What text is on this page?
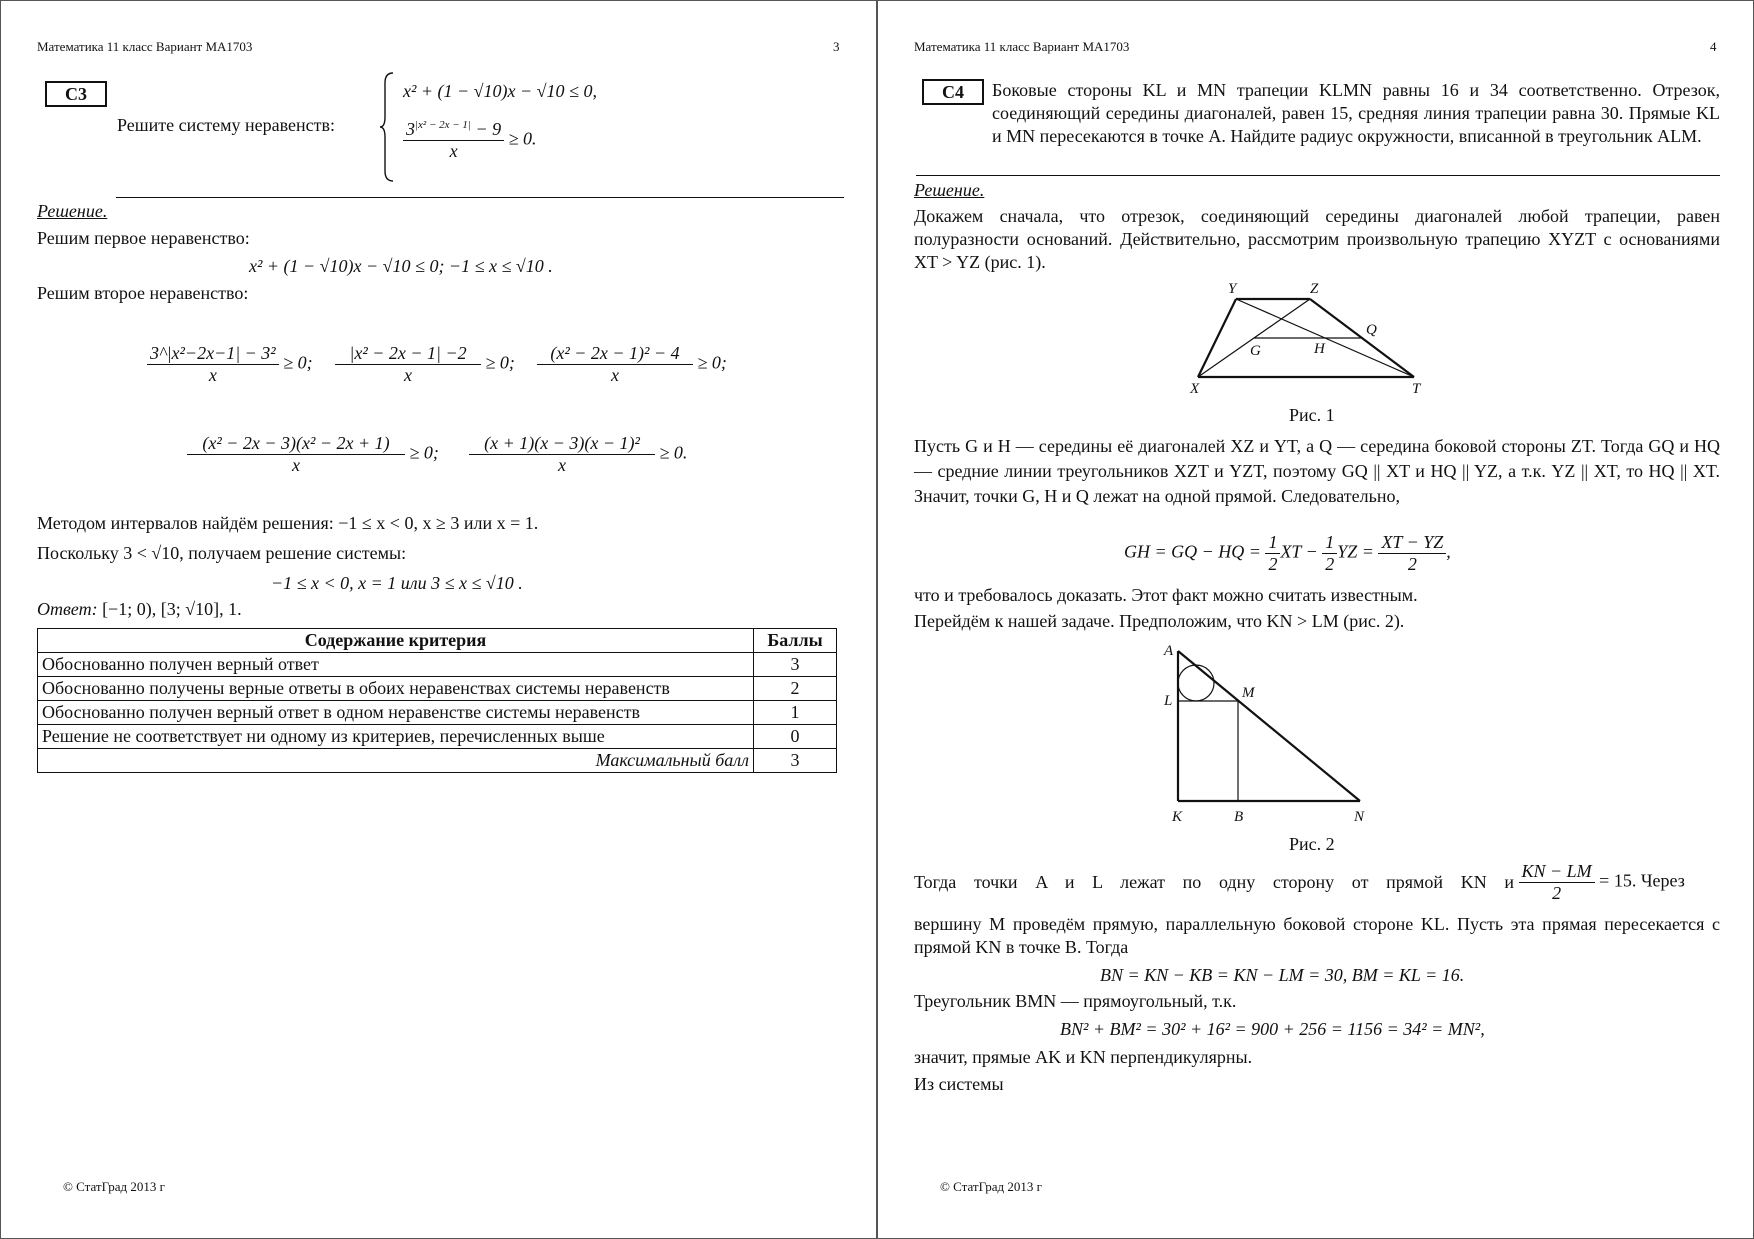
Математика 11 класс Вариант МА1703	3
С3
Решите систему неравенств:
x² + (1 − √10)x − √10 ≤ 0,
$\frac{3^{|x^2 - 2x - 1|} - 9}{x} \ge 0$.
Решение.
Решим первое неравенство:
x² + (1 − √10)x − √10 ≤ 0; −1 ≤ x ≤ √10 .
Решим второе неравенство:
$\frac{\text{3\textasciicircum{}|x²−2x−1| − 3²}}{x} \ge 0$; $\frac{\text{|x² − 2x − 1| −2}}{x} \ge 0$; $\frac{\text{(x² − 2x − 1)² − 4}}{x} \ge 0$;
$\frac{\text{(x² − 2x − 3)(x² − 2x + 1)}}{x} \ge 0$; $\frac{\text{(x + 1)(x − 3)(x − 1)²}}{x} \ge 0$.
Методом интервалов найдём решения: −1 ≤ x < 0, x ≥ 3 или x = 1.
Поскольку 3 < √10, получаем решение системы:
−1 ≤ x < 0, x = 1 или 3 ≤ x ≤ √10 .
Ответ: [−1; 0), [3; √10], 1.
Содержание критерия	Баллы
Обоснованно получен верный ответ	3
Обоснованно получены верные ответы в обоих неравенствах системы неравенств	2
Обоснованно получен верный ответ в одном неравенстве системы неравенств	1
Решение не соответствует ни одному из критериев, перечисленных выше	0
Максимальный балл	3
© СтатГрад 2013 г
Математика 11 класс Вариант МА1703	4
С4	Боковые стороны KL и MN трапеции KLMN равны 16 и 34 соответственно. Отрезок, соединяющий середины диагоналей, равен 15, средняя линия трапеции равна 30. Прямые KL и MN пересекаются в точке A. Найдите радиус окружности, вписанной в треугольник ALM.
Решение.
Докажем сначала, что отрезок, соединяющий середины диагоналей любой трапеции, равен полуразности оснований. Действительно, рассмотрим произвольную трапецию XYZT с основаниями XT > YZ (рис. 1).
Y	Z
Q
G	H
X	T
Рис. 1
Пусть G и H — середины её диагоналей XZ и YT, а Q — середина боковой стороны ZT. Тогда GQ и HQ — средние линии треугольников XZT и YZT, поэтому GQ || XT и HQ || YZ, а т.к. YZ || XT, то HQ || XT. Значит, точки G, H и Q лежат на одной прямой. Следовательно,
GH = GQ − HQ = $\frac{1}{2}$ XT − $\frac{1}{2}$ YZ = $\frac{XT - YZ}{2}$ ,
что и требовалось доказать. Этот факт можно считать известным.
Перейдём к нашей задаче. Предположим, что KN > LM (рис. 2).
A
L	M
K	B	N
Рис. 2
Тогда точки A и L лежат по одну сторону от прямой KN и $\frac{KN - LM}{2} = 15$. Через
вершину M проведём прямую, параллельную боковой стороне KL. Пусть эта прямая пересекается с прямой KN в точке B. Тогда
BN = KN − KB = KN − LM = 30, BM = KL = 16.
Треугольник BMN — прямоугольный, т.к.
BN² + BM² = 30² + 16² = 900 + 256 = 1156 = 34² = MN²,
значит, прямые AK и KN перпендикулярны.
Из системы
© СтатГрад 2013 г
